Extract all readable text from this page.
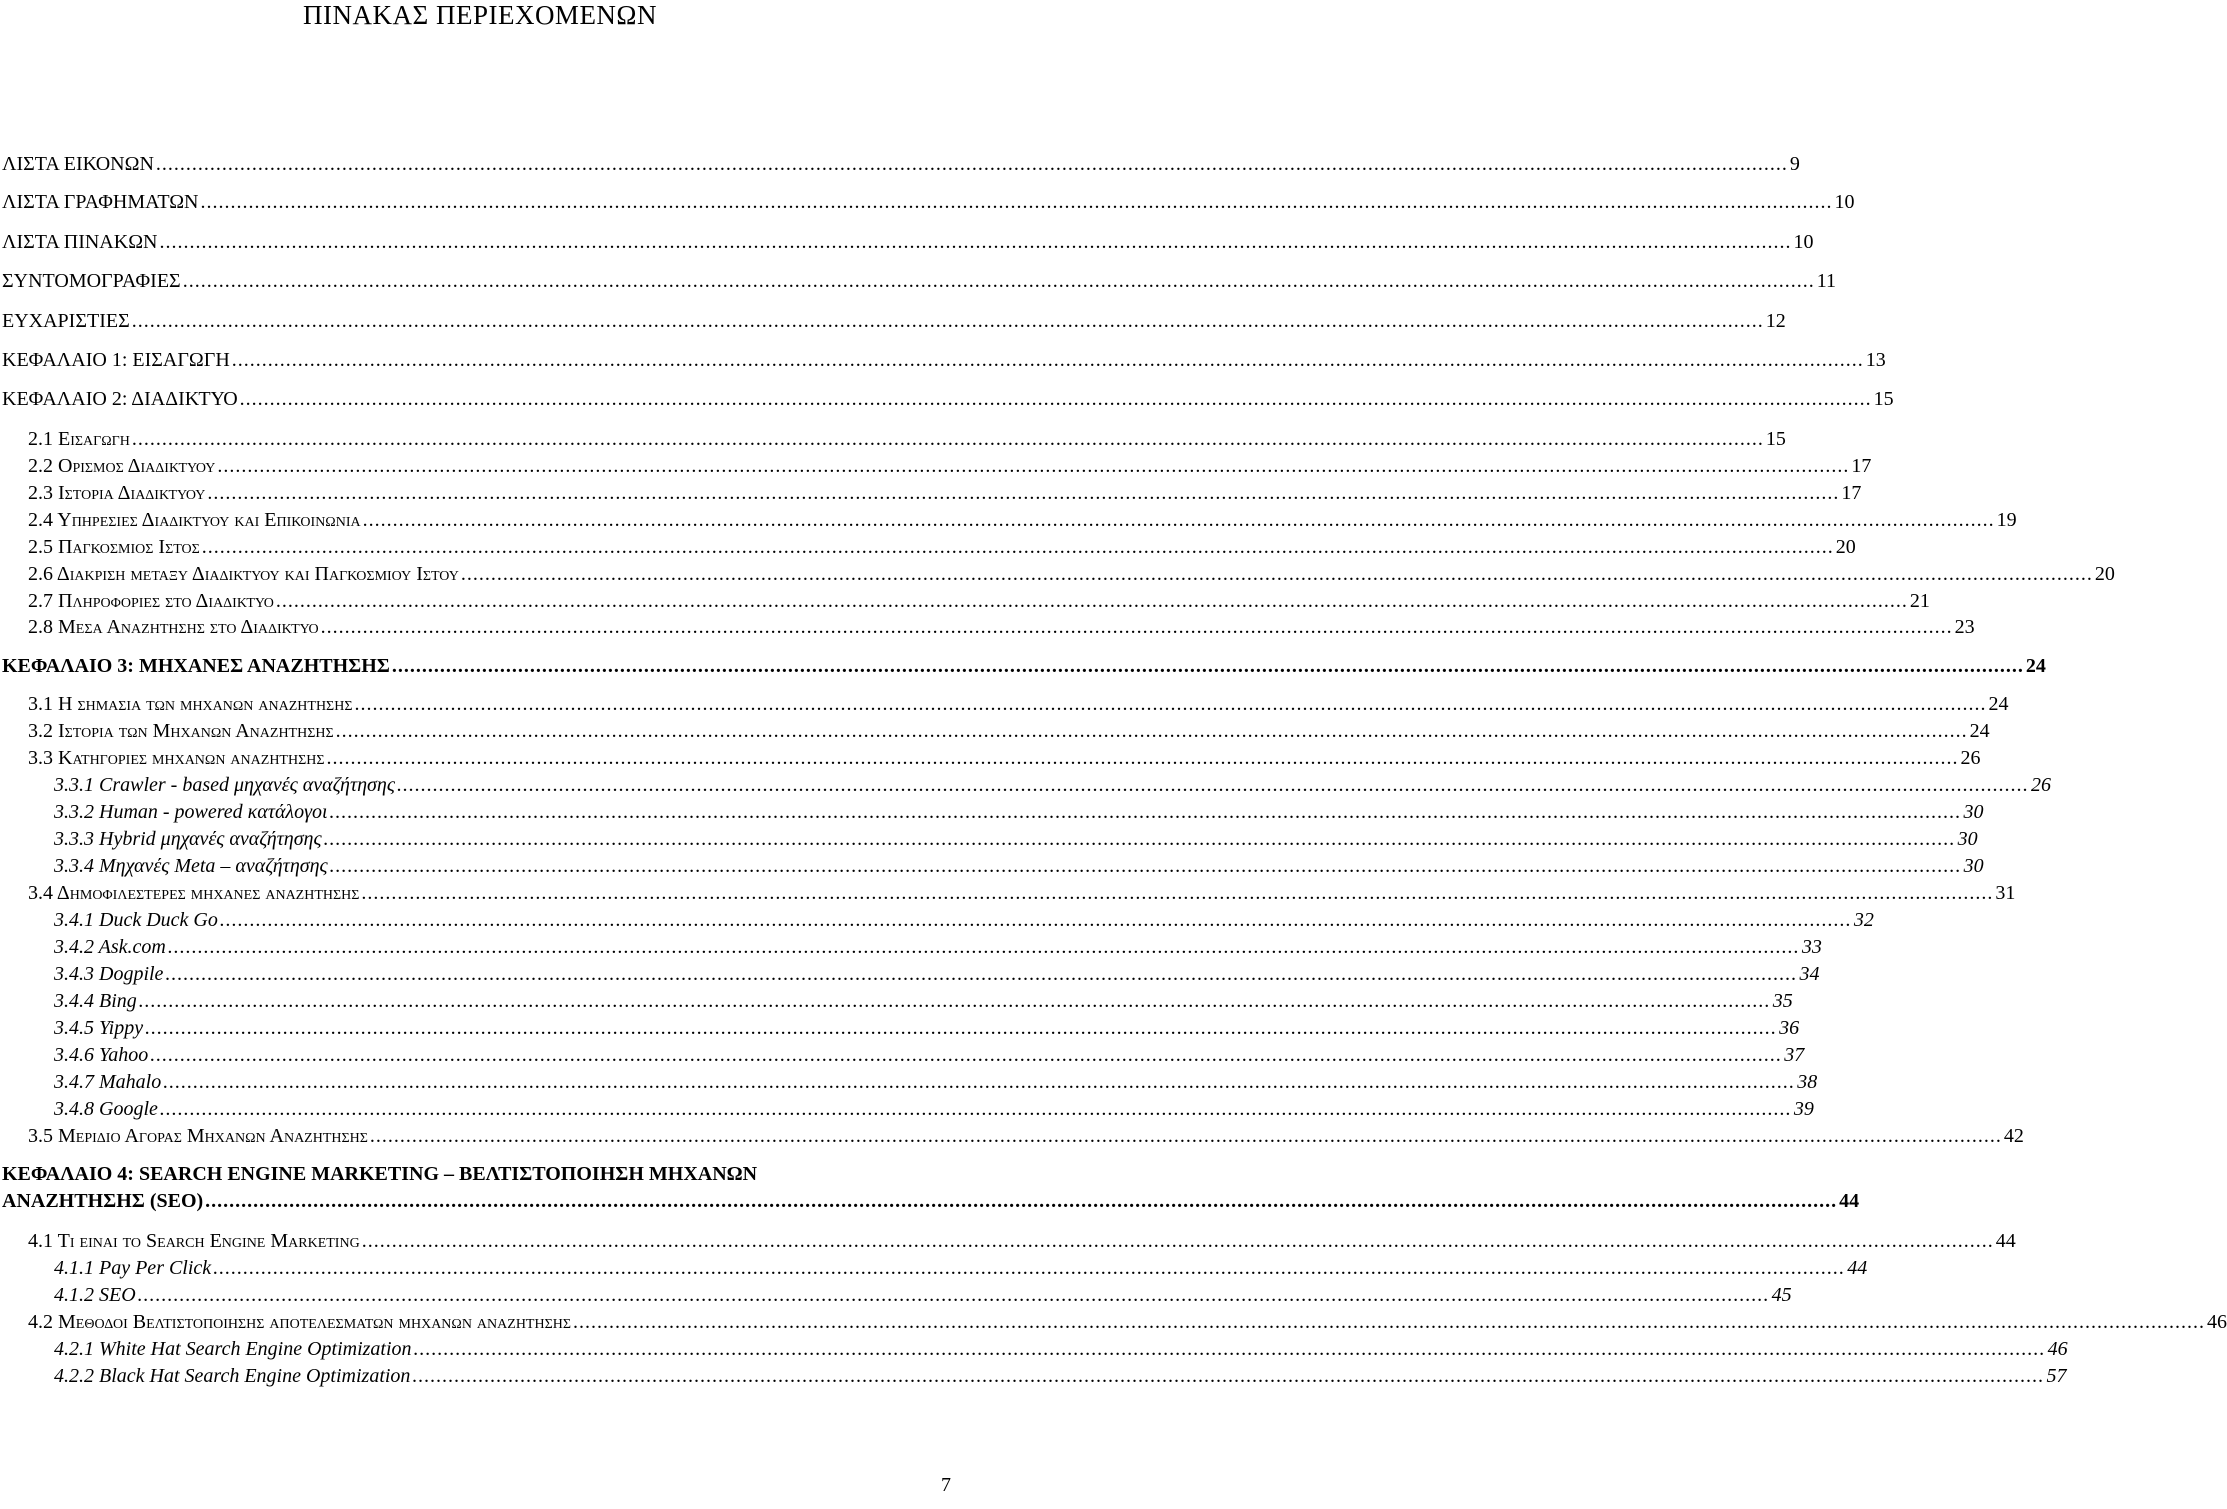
ΠΙΝΑΚΑΣ ΠΕΡΙΕΧΟΜΕΝΩΝ
ΛΙΣΤΑ ΕΙΚΟΝΩΝ .....	9
ΛΙΣΤΑ ΓΡΑΦΗΜΑΤΩΝ .....	10
ΛΙΣΤΑ ΠΙΝΑΚΩΝ .....	10
ΣΥΝΤΟΜΟΓΡΑΦΙΕΣ .....	11
ΕΥΧΑΡΙΣΤΙΕΣ .....	12
ΚΕΦΑΛΑΙΟ 1: ΕΙΣΑΓΩΓΗ .....	13
ΚΕΦΑΛΑΙΟ 2: ΔΙΑΔΙΚΤΥΟ .....	15
2.1 Εισαγωγη .....	15
2.2 Ορισμος Διαδικτυου .....	17
2.3 Ιστορια Διαδικτυου .....	17
2.4 Υπηρεσιες Διαδικτυου και Επικοινωνια .....	19
2.5 Παγκοσμιος Ιστος .....	20
2.6 Διακριση μεταξυ Διαδικτυου και Παγκοσμιου Ιστου .....	20
2.7 Πληροφοριες στο Διαδικτυο .....	21
2.8 Μεσα Αναζητησης στο Διαδικτυο .....	23
ΚΕΦΑΛΑΙΟ 3: ΜΗΧΑΝΕΣ ΑΝΑΖΗΤΗΣΗΣ .....	24
3.1 Η σημασια των μηχανων αναζητησης .....	24
3.2 Ιστορια των Μηχανων Αναζητησης .....	24
3.3 Κατηγοριες μηχανων αναζητησης .....	26
3.3.1 Crawler - based μηχανές αναζήτησης .....	26
3.3.2 Human - powered κατάλογοι .....	30
3.3.3 Hybrid μηχανές αναζήτησης .....	30
3.3.4 Μηχανές Meta – αναζήτησης .....	30
3.4 Δημοφιλεστερες μηχανες αναζητησης .....	31
3.4.1 Duck Duck Go .....	32
3.4.2 Ask.com .....	33
3.4.3 Dogpile .....	34
3.4.4 Bing .....	35
3.4.5 Yippy .....	36
3.4.6 Yahoo .....	37
3.4.7 Mahalo .....	38
3.4.8 Google .....	39
3.5 Μεριδιο Αγορας Μηχανων Αναζητησης .....	42
ΚΕΦΑΛΑΙΟ 4: SEARCH ENGINE MARKETING – ΒΕΛΤΙΣΤΟΠΟΙΗΣΗ ΜΗΧΑΝΩΝ
ΑΝΑΖΗΤΗΣΗΣ (SEO) .....	44
4.1 Τι ειναι το Search Engine Marketing .....	44
4.1.1 Pay Per Click .....	44
4.1.2 SEO .....	45
4.2 Μεθοδοι Βελτιστοποιησης αποτελεσματων μηχανων αναζητησης .....	46
4.2.1 White Hat Search Engine Optimization .....	46
4.2.2 Black Hat Search Engine Optimization .....	57
7
